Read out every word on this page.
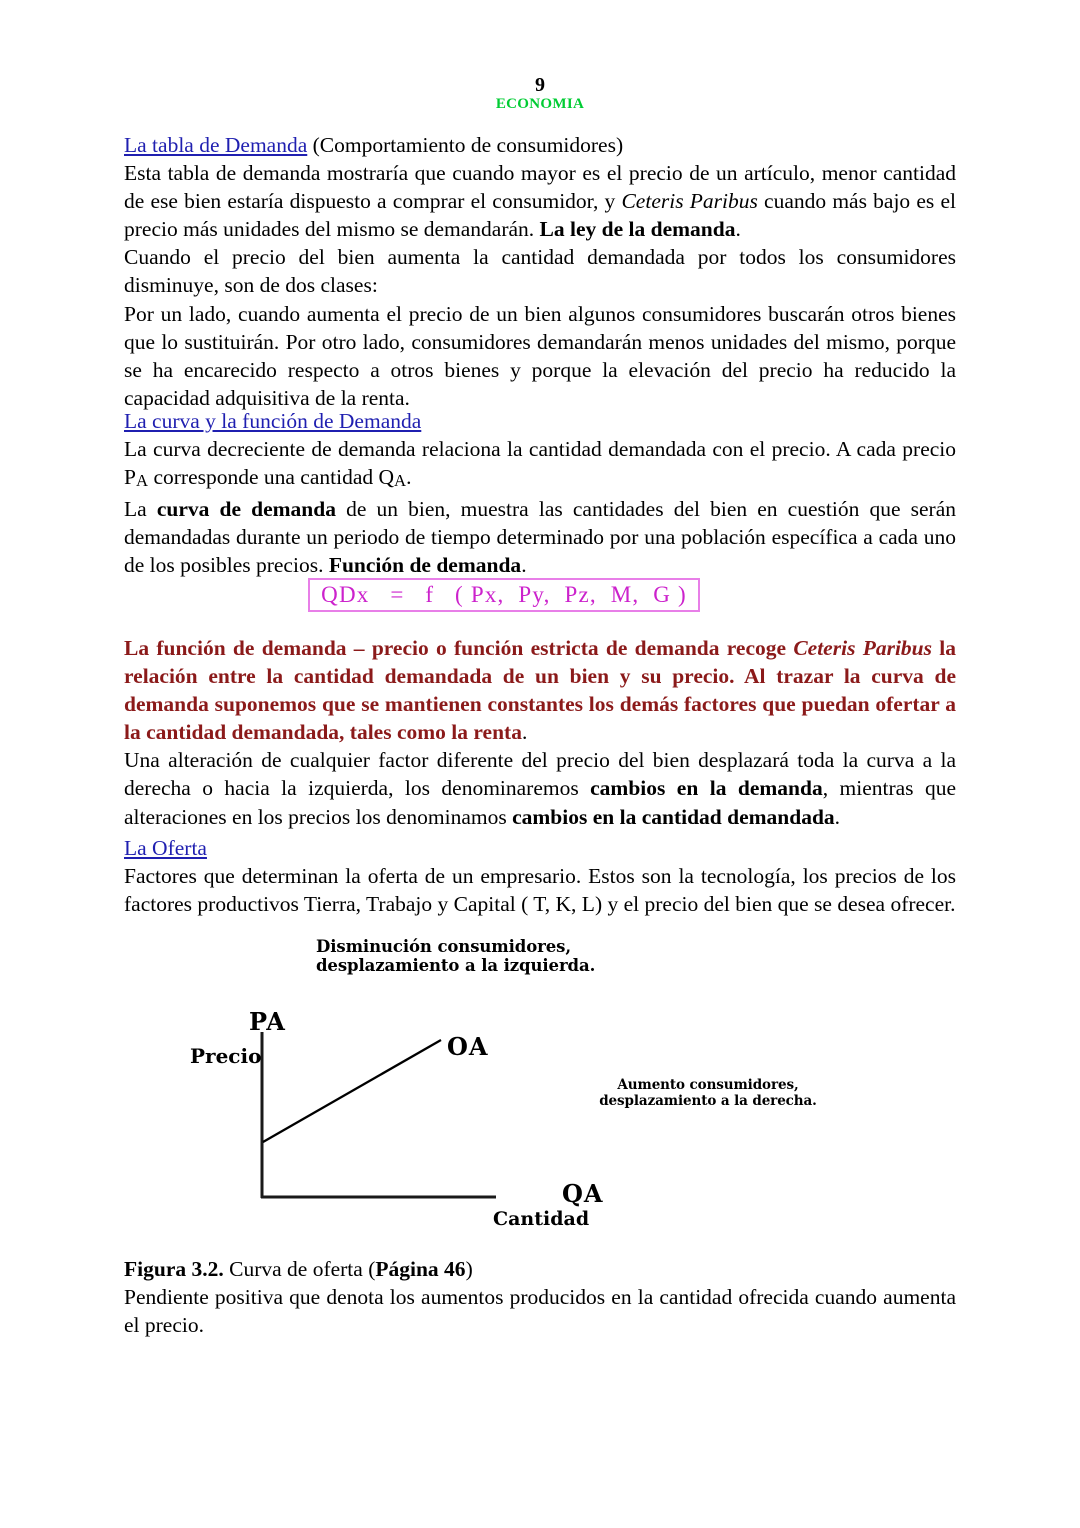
9
ECONOMIA

La tabla de Demanda (Comportamiento de consumidores)

Esta tabla de demanda mostraría que cuando mayor es el precio de un artículo, menor cantidad de ese bien estaría dispuesto a comprar el consumidor, y Ceteris Paribus cuando más bajo es el precio más unidades del mismo se demandarán. La ley de la demanda.

Cuando el precio del bien aumenta la cantidad demandada por todos los consumidores disminuye, son de dos clases:

Por un lado, cuando aumenta el precio de un bien algunos consumidores buscarán otros bienes que lo sustituirán. Por otro lado, consumidores demandarán menos unidades del mismo, porque se ha encarecido respecto a otros bienes y porque la elevación del precio ha reducido la capacidad adquisitiva de la renta.

La curva y la función de Demanda

La curva decreciente de demanda relaciona la cantidad demandada con el precio. A cada precio PA corresponde una cantidad QA.

La curva de demanda de un bien, muestra las cantidades del bien en cuestión que serán demandadas durante un periodo de tiempo determinado por una población específica a cada uno de los posibles precios. Función de demanda.

QDx   =   f   ( Px,  Py,  Pz,  M,  G )

La función de demanda – precio o función estricta de demanda recoge Ceteris Paribus la relación entre la cantidad demandada de un bien y su precio. Al trazar la curva de demanda suponemos que se mantienen constantes los demás factores que puedan ofertar a la cantidad demandada, tales como la renta.

Una alteración de cualquier factor diferente del precio del bien desplazará toda la curva a la derecha o hacia la izquierda, los denominaremos cambios en la demanda, mientras que alteraciones en los precios los denominamos cambios en la cantidad demandada.

La Oferta

Factores que determinan la oferta de un empresario. Estos son la tecnología, los precios de los factores productivos Tierra, Trabajo y Capital ( T, K, L) y el precio del bien que se desea ofrecer.

Disminución consumidores,
desplazamiento a la izquierda.
Aumento consumidores,
desplazamiento a la derecha.
PA
Precio	OA
QA
Cantidad

Figura 3.2. Curva de oferta (Página 46)

Pendiente positiva que denota los aumentos producidos en la cantidad ofrecida cuando aumenta el precio.
